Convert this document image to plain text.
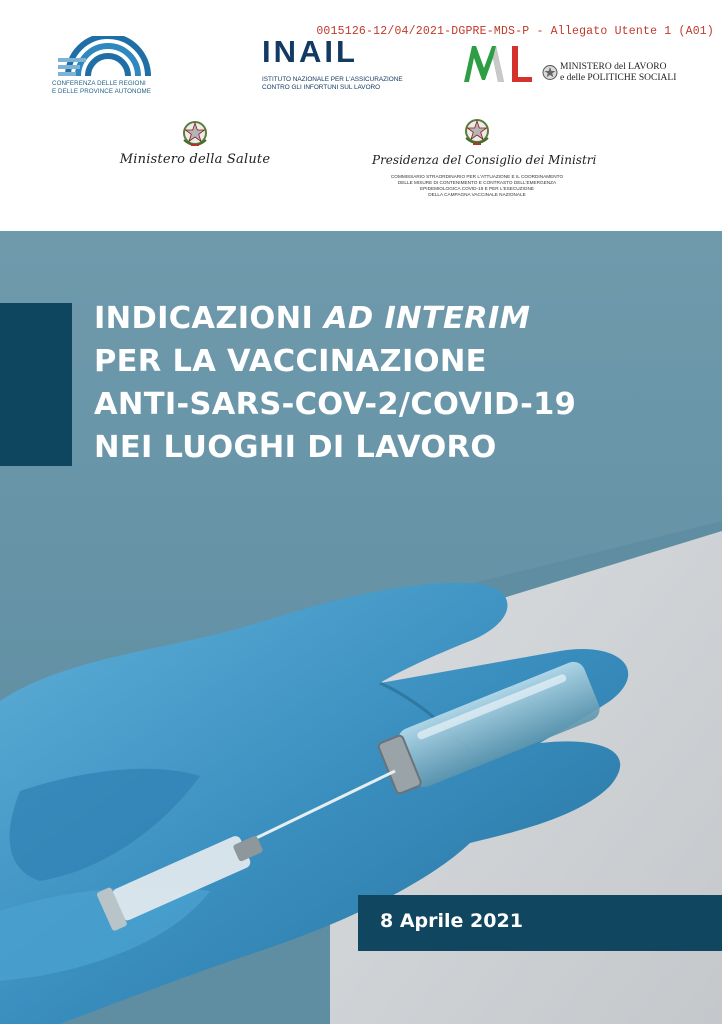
0015126-12/04/2021-DGPRE-MDS-P - Allegato Utente 1 (A01)
CONFERENZA DELLE REGIONI
E DELLE PROVINCE AUTONOME
INAIL
ISTITUTO NAZIONALE PER L'ASSICURAZIONE
CONTRO GLI INFORTUNI SUL LAVORO
MINISTERO del LAVORO
e delle POLITICHE SOCIALI
Ministero della Salute	Presidenza del Consiglio dei Ministri
COMMISSARIO STRAORDINARIO PER L'ATTUAZIONE E IL COORDINAMENTO
DELLE MISURE DI CONTENIMENTO E CONTRASTO DELL'EMERGENZA
EPIDEMIOLOGICA COVID-19 E PER L'ESECUZIONE
DELLA CAMPAGNA VACCINALE NAZIONALE
INDICAZIONI AD INTERIM
PER LA VACCINAZIONE
ANTI-SARS-COV-2/COVID-19
NEI LUOGHI DI LAVORO
8 Aprile 2021
